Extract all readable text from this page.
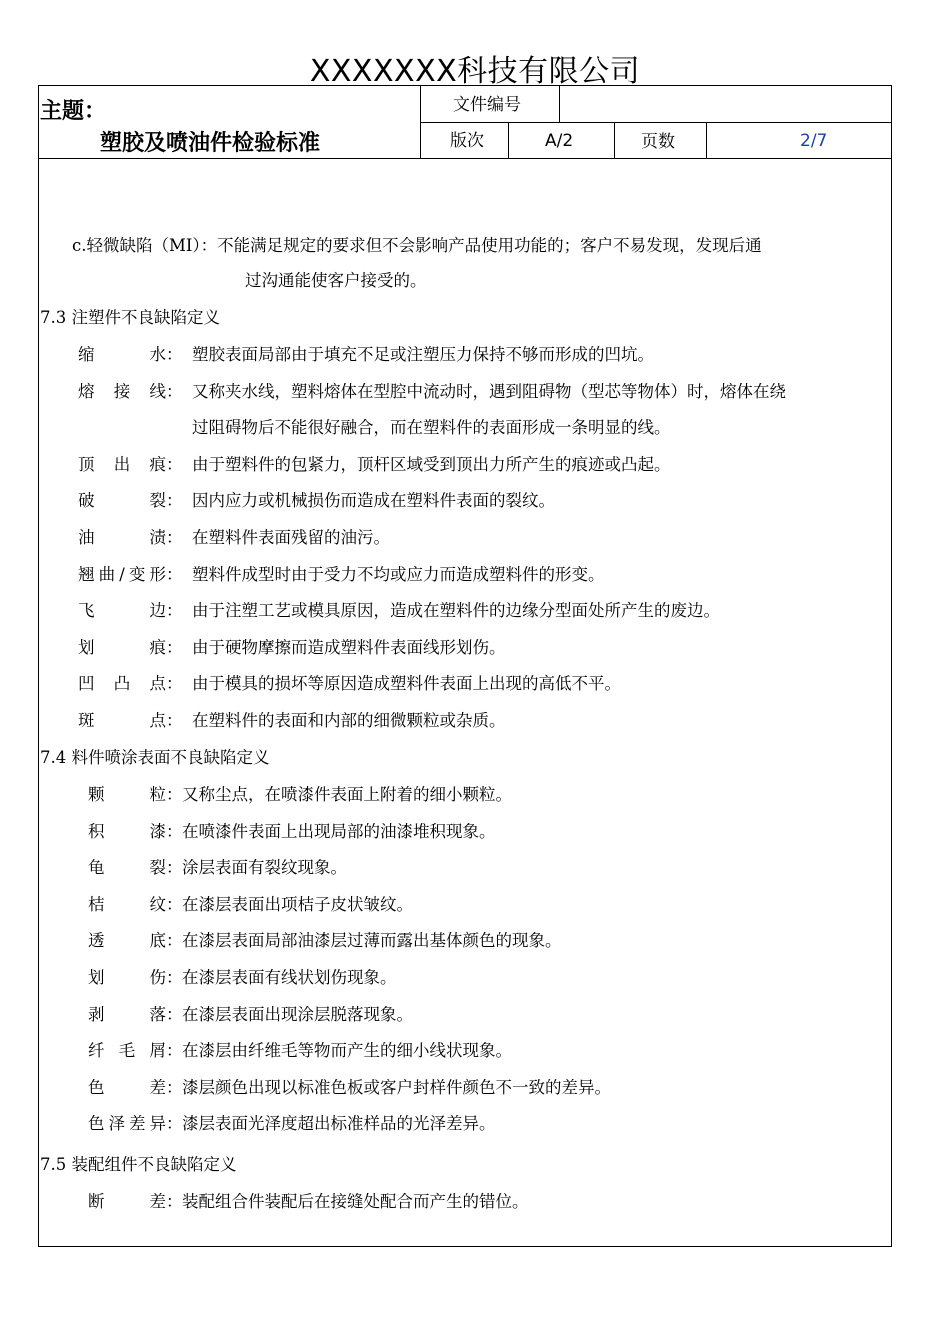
XXXXXXX科技有限公司
主题：
塑胶及喷油件检验标准
文件编号
版次	A/2	页数	2/7
c.轻微缺陷（MI）：不能满足规定的要求但不会影响产品使用功能的；客户不易发现，发现后通
过沟通能使客户接受的。
7.3 注塑件不良缺陷定义
缩水： 塑胶表面局部由于填充不足或注塑压力保持不够而形成的凹坑。
熔接线： 又称夹水线，塑料熔体在型腔中流动时，遇到阻碍物（型芯等物体）时，熔体在绕
过阻碍物后不能很好融合，而在塑料件的表面形成一条明显的线。
顶出痕： 由于塑料件的包紧力，顶杆区域受到顶出力所产生的痕迹或凸起。
破裂： 因内应力或机械损伤而造成在塑料件表面的裂纹。
油渍： 在塑料件表面残留的油污。
翘曲/变形： 塑料件成型时由于受力不均或应力而造成塑料件的形变。
飞边： 由于注塑工艺或模具原因，造成在塑料件的边缘分型面处所产生的废边。
划痕： 由于硬物摩擦而造成塑料件表面线形划伤。
凹凸点： 由于模具的损坏等原因造成塑料件表面上出现的高低不平。
斑点： 在塑料件的表面和内部的细微颗粒或杂质。
7.4 料件喷涂表面不良缺陷定义
颗粒： 又称尘点，在喷漆件表面上附着的细小颗粒。
积漆： 在喷漆件表面上出现局部的油漆堆积现象。
龟裂： 涂层表面有裂纹现象。
桔纹： 在漆层表面出项桔子皮状皱纹。
透底： 在漆层表面局部油漆层过薄而露出基体颜色的现象。
划伤： 在漆层表面有线状划伤现象。
剥落： 在漆层表面出现涂层脱落现象。
纤毛屑： 在漆层由纤维毛等物而产生的细小线状现象。
色差： 漆层颜色出现以标准色板或客户封样件颜色不一致的差异。
色泽差异： 漆层表面光泽度超出标准样品的光泽差异。
7.5 装配组件不良缺陷定义
断差： 装配组合件装配后在接缝处配合而产生的错位。
